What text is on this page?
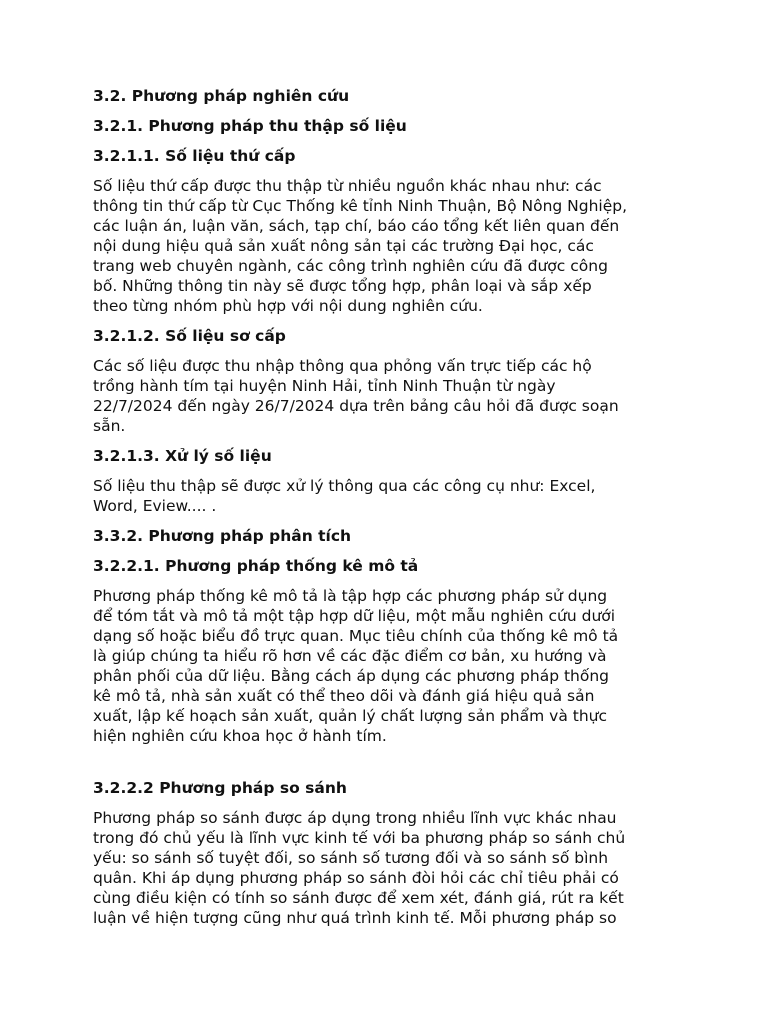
3.2. Phương pháp nghiên cứu
3.2.1. Phương pháp thu thập số liệu
3.2.1.1. Số liệu thứ cấp
Số liệu thứ cấp được thu thập từ nhiều nguồn khác nhau như: các
thông tin thứ cấp từ Cục Thống kê tỉnh Ninh Thuận, Bộ Nông Nghiệp,
các luận án, luận văn, sách, tạp chí, báo cáo tổng kết liên quan đến
nội dung hiệu quả sản xuất nông sản tại các trường Đại học, các
trang web chuyên ngành, các công trình nghiên cứu đã được công
bố. Những thông tin này sẽ được tổng hợp, phân loại và sắp xếp
theo từng nhóm phù hợp với nội dung nghiên cứu.
3.2.1.2. Số liệu sơ cấp
Các số liệu được thu nhập thông qua phỏng vấn trực tiếp các hộ
trồng hành tím tại huyện Ninh Hải, tỉnh Ninh Thuận từ ngày
22/7/2024 đến ngày 26/7/2024 dựa trên bảng câu hỏi đã được soạn
sẵn.
3.2.1.3. Xử lý số liệu
Số liệu thu thập sẽ được xử lý thông qua các công cụ như: Excel,
Word, Eview.... .
3.3.2. Phương pháp phân tích
3.2.2.1. Phương pháp thống kê mô tả
Phương pháp thống kê mô tả là tập hợp các phương pháp sử dụng
để tóm tắt và mô tả một tập hợp dữ liệu, một mẫu nghiên cứu dưới
dạng số hoặc biểu đồ trực quan. Mục tiêu chính của thống kê mô tả
là giúp chúng ta hiểu rõ hơn về các đặc điểm cơ bản, xu hướng và
phân phối của dữ liệu. Bằng cách áp dụng các phương pháp thống
kê mô tả, nhà sản xuất có thể theo dõi và đánh giá hiệu quả sản
xuất, lập kế hoạch sản xuất, quản lý chất lượng sản phẩm và thực
hiện nghiên cứu khoa học ở hành tím.
3.2.2.2 Phương pháp so sánh
Phương pháp so sánh được áp dụng trong nhiều lĩnh vực khác nhau
trong đó chủ yếu là lĩnh vực kinh tế với ba phương pháp so sánh chủ
yếu: so sánh số tuyệt đối, so sánh số tương đối và so sánh số bình
quân. Khi áp dụng phương pháp so sánh đòi hỏi các chỉ tiêu phải có
cùng điều kiện có tính so sánh được để xem xét, đánh giá, rút ra kết
luận về hiện tượng cũng như quá trình kinh tế. Mỗi phương pháp so
